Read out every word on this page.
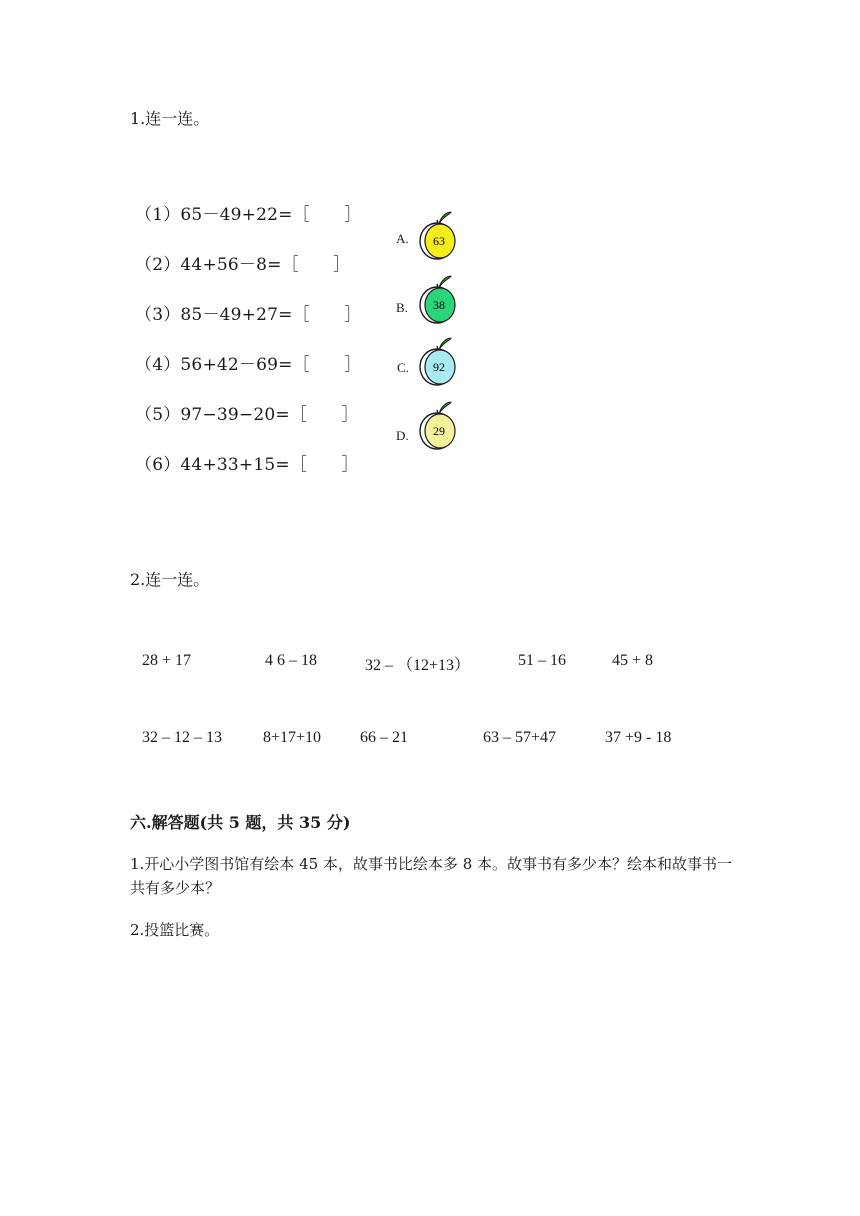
1.连一连。
（1）65－49+22=［　　］
（2）44+56－8=［　　］
（3）85－49+27=［　　］
（4）56+42－69=［　　］
（5）97−39−20=［　　］
（6）44+33+15=［　　］
A. 63
B. 38
C. 92
D. 29
2.连一连。
28 + 17	4 6 – 18	32 – （12+13）	51 – 16	45 + 8
32 – 12 – 13	8+17+10 66 – 21	63 – 57+47	37 +9 - 18
六.解答题(共 5 题，共 35 分)
1.开心小学图书馆有绘本 45 本，故事书比绘本多 8 本。故事书有多少本？绘本和故事书一共有多少本？
2.投篮比赛。
